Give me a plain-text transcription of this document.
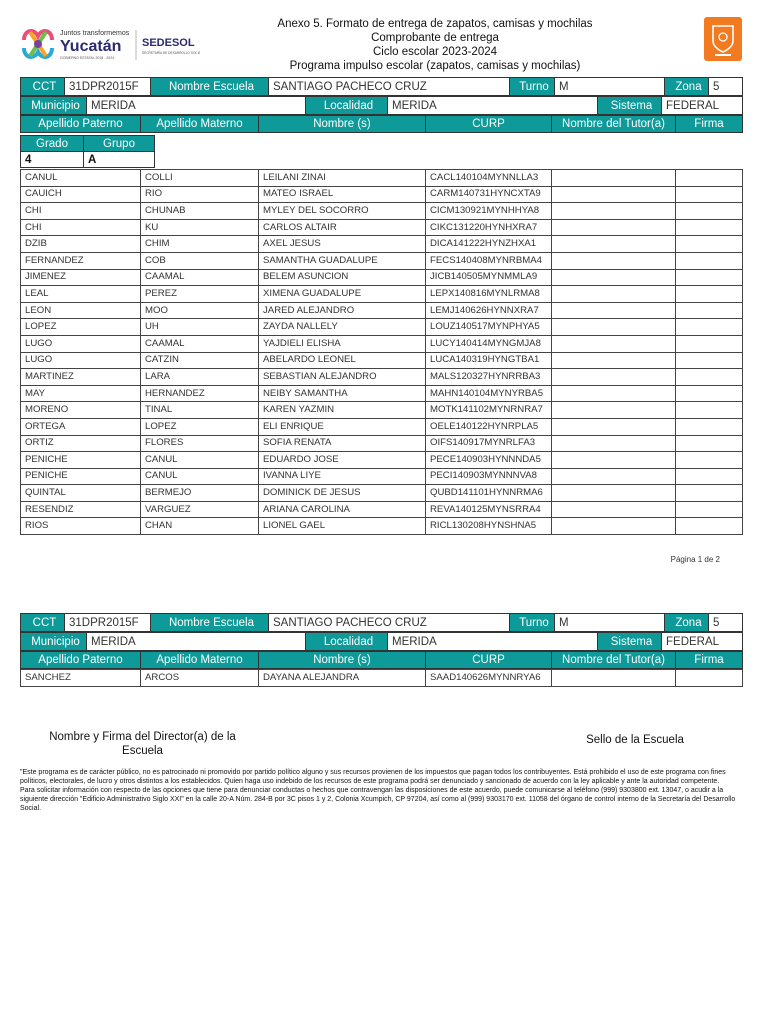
Juntos transformemos
Yucatán
GOBIERNO ESTATAL 2018 - 2024
SEDESOL
SECRETARÍA DE DESARROLLO SOCIAL
Anexo 5. Formato de entrega de zapatos, camisas y mochilas
Comprobante de entrega
Ciclo escolar 2023-2024
Programa impulso escolar (zapatos, camisas y mochilas)
CCT	31DPR2015F	Nombre Escuela	SANTIAGO PACHECO CRUZ	Turno	M	Zona	5
Municipio	MERIDA	Localidad	MERIDA	Sistema	FEDERAL
Apellido Paterno	Apellido Materno	Nombre (s)	CURP	Nombre del Tutor(a)	Firma
Grado	Grupo
4	A
CANUL	COLLI	LEILANI ZINAI	CACL140104MYNNLLA3		
CAUICH	RIO	MATEO ISRAEL	CARM140731HYNCXTA9		
CHI	CHUNAB	MYLEY DEL SOCORRO	CICM130921MYNHHYA8		
CHI	KU	CARLOS ALTAIR	CIKC131220HYNHXRA7		
DZIB	CHIM	AXEL JESUS	DICA141222HYNZHXA1		
FERNANDEZ	COB	SAMANTHA GUADALUPE	FECS140408MYNRBMA4		
JIMENEZ	CAAMAL	BELEM ASUNCION	JICB140505MYNMMLA9		
LEAL	PEREZ	XIMENA GUADALUPE	LEPX140816MYNLRMA8		
LEON	MOO	JARED ALEJANDRO	LEMJ140626HYNNXRA7		
LOPEZ	UH	ZAYDA NALLELY	LOUZ140517MYNPHYA5		
LUGO	CAAMAL	YAJDIELI ELISHA	LUCY140414MYNGMJA8		
LUGO	CATZIN	ABELARDO LEONEL	LUCA140319HYNGTBA1		
MARTINEZ	LARA	SEBASTIAN ALEJANDRO	MALS120327HYNRRBA3		
MAY	HERNANDEZ	NEIBY SAMANTHA	MAHN140104MYNYRBA5		
MORENO	TINAL	KAREN YAZMIN	MOTK141102MYNRNRA7		
ORTEGA	LOPEZ	ELI ENRIQUE	OELE140122HYNRPLA5		
ORTIZ	FLORES	SOFIA RENATA	OIFS140917MYNRLFA3		
PENICHE	CANUL	EDUARDO JOSE	PECE140903HYNNNDA5		
PENICHE	CANUL	IVANNA LIYE	PECI140903MYNNNVA8		
QUINTAL	BERMEJO	DOMINICK DE JESUS	QUBD141101HYNNRMA6		
RESENDIZ	VARGUEZ	ARIANA CAROLINA	REVA140125MYNSRRA4		
RIOS	CHAN	LIONEL GAEL	RICL130208HYNSHNA5		
Página 1 de 2
CCT	31DPR2015F	Nombre Escuela	SANTIAGO PACHECO CRUZ	Turno	M	Zona	5
Municipio	MERIDA	Localidad	MERIDA	Sistema	FEDERAL
Apellido Paterno	Apellido Materno	Nombre (s)	CURP	Nombre del Tutor(a)	Firma
SANCHEZ	ARCOS	DAYANA ALEJANDRA	SAAD140626MYNNRYA6		
Nombre y Firma del Director(a) de la Escuela
Sello de la Escuela

"Este programa es de carácter público, no es patrocinado ni promovido por partido político alguno y sus recursos provienen de los impuestos que pagan todos los contribuyentes. Está prohibido el uso de este programa con fines políticos, electorales, de lucro y otros distintos a los establecidos. Quien haga uso indebido de los recursos de este programa podrá ser denunciado y sancionado de acuerdo con la ley aplicable y ante la autoridad competente.

Para solicitar información con respecto de las opciones que tiene para denunciar conductas o hechos que contravengan las disposiciones de este acuerdo, puede comunicarse al teléfono (999) 9303800 ext. 13047, o acudir a la siguiente dirección "Edificio Administrativo Siglo XXI" en la calle 20-A Núm. 284-B por 3C pisos 1 y 2, Colonia Xcumpich, CP 97204, así como al (999) 9303170 ext. 11058 del órgano de control interno de la Secretaría del Desarrollo Social.
